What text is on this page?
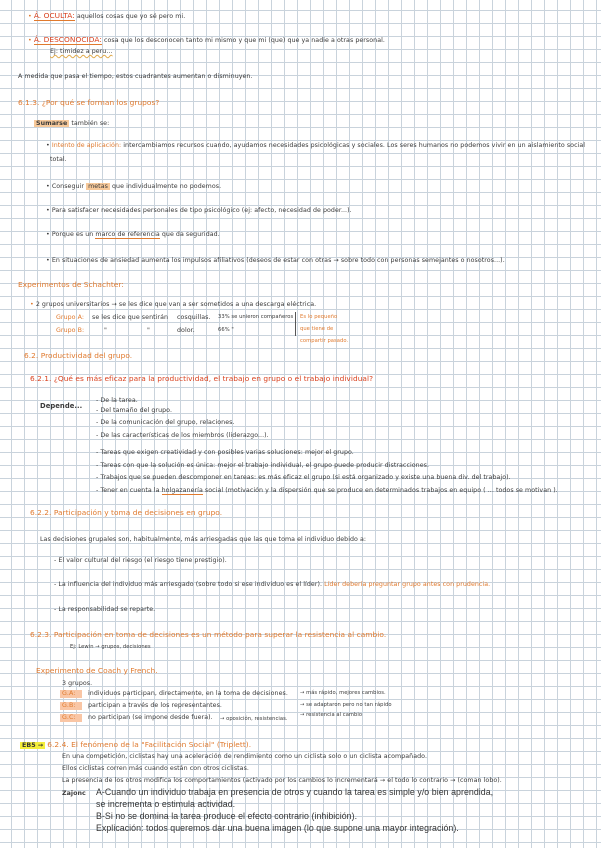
• Á. OCULTA: aquellos cosas que yo sé pero mi.
• Á. DESCONOCIDA: cosa que los desconocen tanto mi mismo y que mi (que) que ya nadie a otras personal.
Ej: timidez a peru...
A medida que pasa el tiempo, estos cuadrantes aumentan o disminuyen.
6.1.3. ¿Por qué se forman los grupos?
Sumarse también se:
• Intento de aplicación: intercambiamos recursos cuando, ayudamos necesidades psicológicas y sociales. Los seres humanos no podemos vivir en un aislamiento social
total.
• Conseguir metas que individualmente no podemos.
• Para satisfacer necesidades personales de tipo psicológico (ej: afecto, necesidad de poder...).
• Porque es un marco de referencia que da seguridad.
• En situaciones de ansiedad aumenta los impulsos afiliativos (deseos de estar con otras → sobre todo con personas semejantes o nosotros...).
Experimentos de Schachter:
• 2 grupos universitarios → se les dice que van a ser sometidos a una descarga eléctrica.
Grupo A: se les dice que sentirán cosquillas. 33% se unieron compañeros
Grupo B:	"	"	dolor.	66% "
Es lo pequeño
que tiene de
compartir pasado.
6.2. Productividad del grupo.
6.2.1. ¿Qué es más eficaz para la productividad, el trabajo en grupo o el trabajo individual?
Depende...
- De la tarea.
- Del tamaño del grupo.
- De la comunicación del grupo, relaciones.
- De las características de los miembros (liderazgo...).
- Tareas que exigen creatividad y con posibles varias soluciones: mejor el grupo.
- Tareas con que la solución es única: mejor el trabajo individual, el grupo puede producir distracciones.
- Trabajos que se pueden descomponer en tareas: es más eficaz el grupo (si está organizado y existe una buena div. del trabajo).
- Tener en cuenta la holgazanería social (motivación y la dispersión que se produce en determinados trabajos en equipo ( ... todos se motivan ).
6.2.2. Participación y toma de decisiones en grupo.
Las decisiones grupales son, habitualmente, más arriesgadas que las que toma el individuo debido a:
- El valor cultural del riesgo (el riesgo tiene prestigio).
- La influencia del individuo más arriesgado (sobre todo si ese individuo es el líder). Líder debería preguntar grupo antes con prudencia.
- La responsabilidad se reparte.
6.2.3. Participación en toma de decisiones es un método para superar la resistencia al cambio.
Ej: Lewin → grupos, decisiones
Experimento de Coach y French.
3 grupos.
G.A: individuos participan, directamente, en la toma de decisiones. → más rápido, mejores cambios.
G.B: participan a través de los representantes.	→ se adaptaron pero no tan rápido
G.C: no participan (se impone desde fuera). → oposición, resistencias.
→ resistencia al cambio
EB5 → 6.2.4. El fenómeno de la "Facilitación Social" (Triplett).
En una competición, ciclistas hay una aceleración de rendimiento como un ciclista solo o un ciclista acompañado.
Ellos ciclistas corren más cuando están con otros ciclistas.
La presencia de los otros modifica los comportamientos (activado por los cambios lo incrementará → el todo lo contrario → (coman lobo).
Zajonc A-Cuando un individuo trabaja en presencia de otros y cuando la tarea es simple y/o bien aprendida,
se incrementa o estimula actividad.
B-Si no se domina la tarea produce el efecto contrario (inhibición).
Explicación: todos queremos dar una buena imagen (lo que supone una mayor integración).
